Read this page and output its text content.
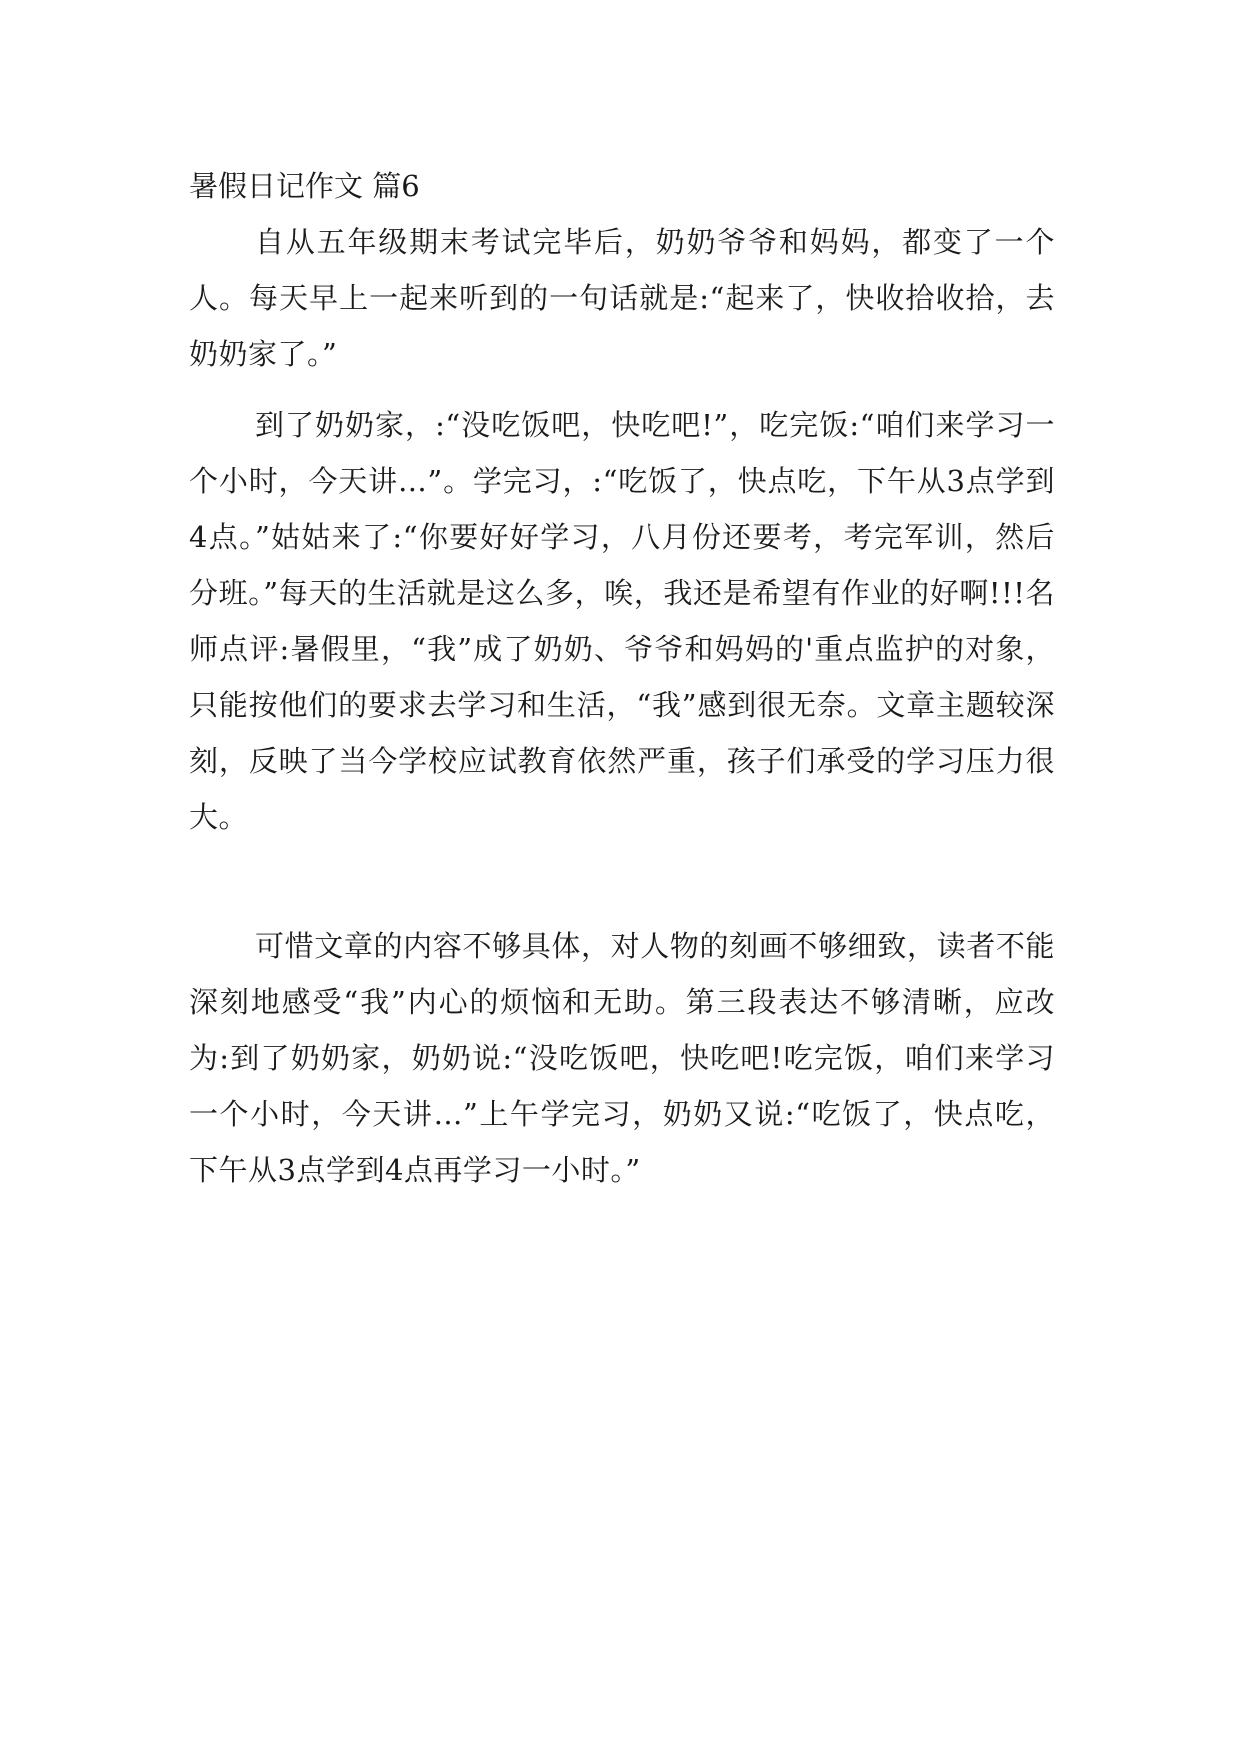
暑假日记作文 篇6

自从五年级期末考试完毕后，奶奶爷爷和妈妈，都变了一个人。每天早上一起来听到的一句话就是:“起来了，快收拾收拾，去奶奶家了。”

到了奶奶家，:“没吃饭吧，快吃吧!”，吃完饭:“咱们来学习一个小时，今天讲…”。学完习，:“吃饭了，快点吃，下午从3点学到4点。”姑姑来了:“你要好好学习，八月份还要考，考完军训，然后分班。”每天的生活就是这么多，唉，我还是希望有作业的好啊!!!名师点评:暑假里，“我”成了奶奶、爷爷和妈妈的'重点监护的对象，只能按他们的要求去学习和生活，“我”感到很无奈。文章主题较深刻，反映了当今学校应试教育依然严重，孩子们承受的学习压力很大。

可惜文章的内容不够具体，对人物的刻画不够细致，读者不能深刻地感受“我”内心的烦恼和无助。第三段表达不够清晰，应改为:到了奶奶家，奶奶说:“没吃饭吧，快吃吧!吃完饭，咱们来学习一个小时，今天讲…”上午学完习，奶奶又说:“吃饭了，快点吃，下午从3点学到4点再学习一小时。”
